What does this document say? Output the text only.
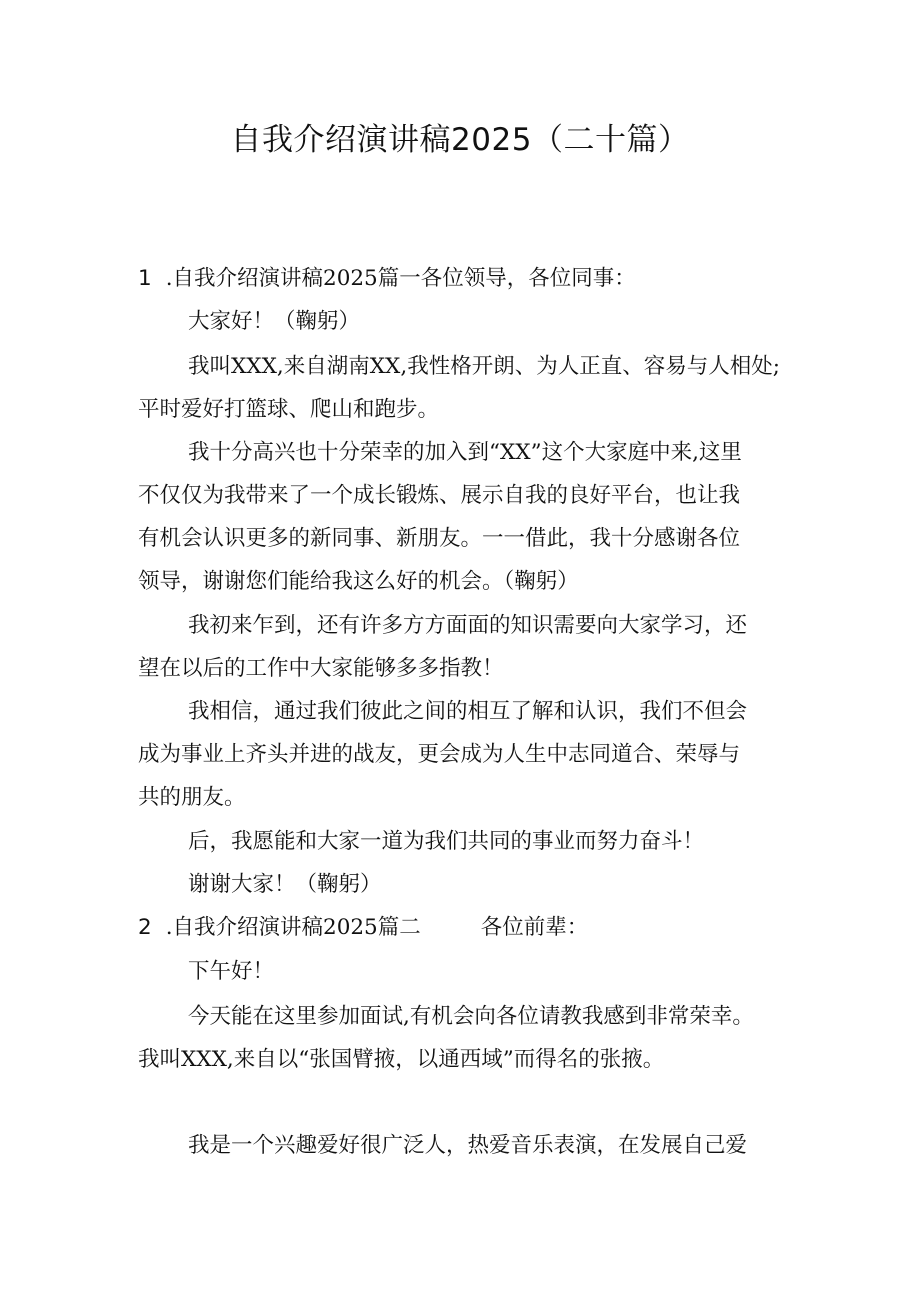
自我介绍演讲稿2025（二十篇）
1 .自我介绍演讲稿2025篇一各位领导，各位同事：
大家好！（鞠躬）
我叫XXX,来自湖南XX,我性格开朗、为人正直、容易与人相处;
平时爱好打篮球、爬山和跑步。
我十分高兴也十分荣幸的加入到“XX”这个大家庭中来,这里
不仅仅为我带来了一个成长锻炼、展示自我的良好平台，也让我
有机会认识更多的新同事、新朋友。一一借此，我十分感谢各位
领导，谢谢您们能给我这么好的机会。（鞠躬）
我初来乍到，还有许多方方面面的知识需要向大家学习，还
望在以后的工作中大家能够多多指教！
我相信，通过我们彼此之间的相互了解和认识，我们不但会
成为事业上齐头并进的战友，更会成为人生中志同道合、荣辱与
共的朋友。
后，我愿能和大家一道为我们共同的事业而努力奋斗！
谢谢大家！（鞠躬）
2 .自我介绍演讲稿2025篇二	各位前辈：
下午好！
今天能在这里参加面试,有机会向各位请教我感到非常荣幸。
我叫XXX,来自以“张国臂掖，以通西域”而得名的张掖。
我是一个兴趣爱好很广泛人，热爱音乐表演，在发展自己爱
